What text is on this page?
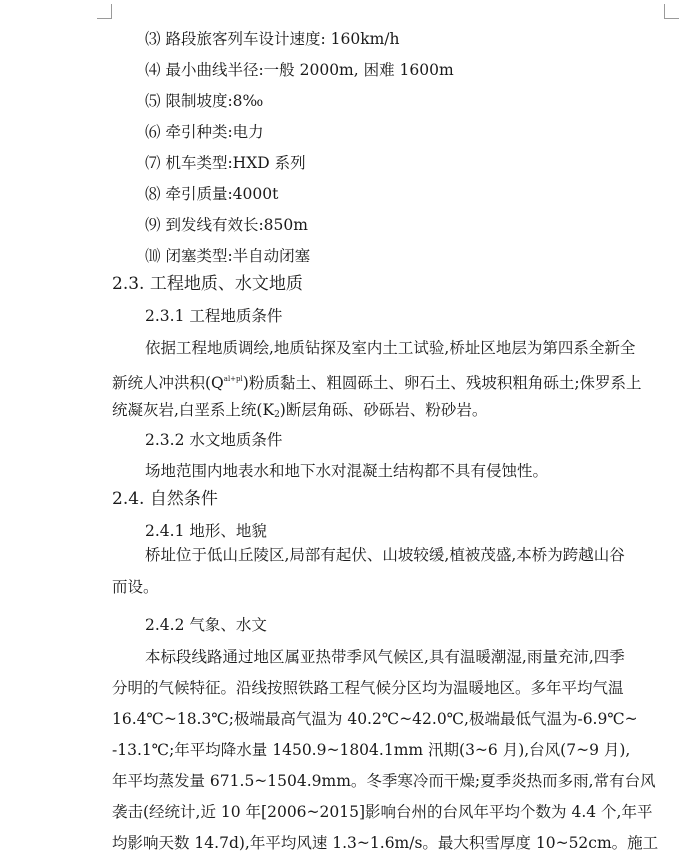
⑶ 路段旅客列车设计速度: 160km/h
⑷ 最小曲线半径:一般 2000m, 困难 1600m
⑸ 限制坡度:8‰
⑹ 牵引种类:电力
⑺ 机车类型:HXD 系列
⑻ 牵引质量:4000t
⑼ 到发线有效长:850m
⑽ 闭塞类型:半自动闭塞
2.3. 工程地质、水文地质
2.3.1 工程地质条件
依据工程地质调绘,地质钻探及室内土工试验,桥址区地层为第四系全新全
新统人冲洪积$(Q^{al+pl})$粉质黏土、粗圆砾土、卵石土、残坡积粗角砾土;侏罗系上
统凝灰岩,白垩系上统(K2)断层角砾、砂砾岩、粉砂岩。
2.3.2 水文地质条件
场地范围内地表水和地下水对混凝土结构都不具有侵蚀性。
2.4. 自然条件
2.4.1 地形、地貌
桥址位于低山丘陵区,局部有起伏、山坡较缓,植被茂盛,本桥为跨越山谷
而设。
2.4.2 气象、水文
本标段线路通过地区属亚热带季风气候区,具有温暖潮湿,雨量充沛,四季
分明的气候特征。沿线按照铁路工程气候分区均为温暖地区。多年平均气温
16.4℃~18.3℃;极端最高气温为 40.2℃~42.0℃,极端最低气温为-6.9℃~
-13.1℃;年平均降水量 1450.9~1804.1mm 汛期(3~6 月),台风(7~9 月),
年平均蒸发量 671.5~1504.9mm。冬季寒冷而干燥;夏季炎热而多雨,常有台风
袭击(经统计,近 10 年[2006~2015]影响台州的台风年平均个数为 4.4 个,年平
均影响天数 14.7d),年平均风速 1.3~1.6m/s。最大积雪厚度 10~52cm。施工
